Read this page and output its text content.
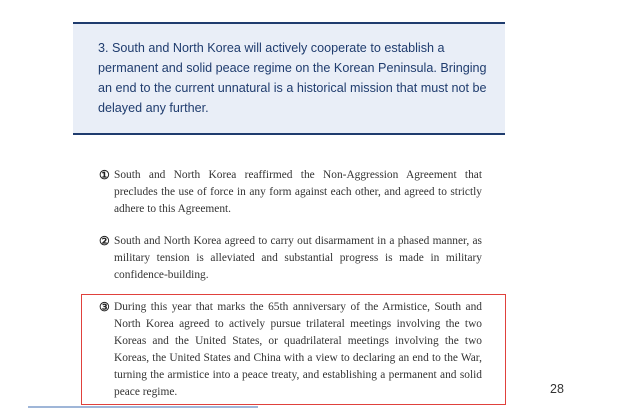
3. South and North Korea will actively cooperate to establish a permanent and solid peace regime on the Korean Peninsula. Bringing an end to the current unnatural is a historical mission that must not be delayed any further.

① South and North Korea reaffirmed the Non-Aggression Agreement that precludes the use of force in any form against each other, and agreed to strictly adhere to this Agreement.
② South and North Korea agreed to carry out disarmament in a phased manner, as military tension is alleviated and substantial progress is made in military confidence-building.
③ During this year that marks the 65th anniversary of the Armistice, South and North Korea agreed to actively pursue trilateral meetings involving the two Koreas and the United States, or quadrilateral meetings involving the two Koreas, the United States and China with a view to declaring an end to the War, turning the armistice into a peace treaty, and establishing a permanent and solid peace regime.	28
